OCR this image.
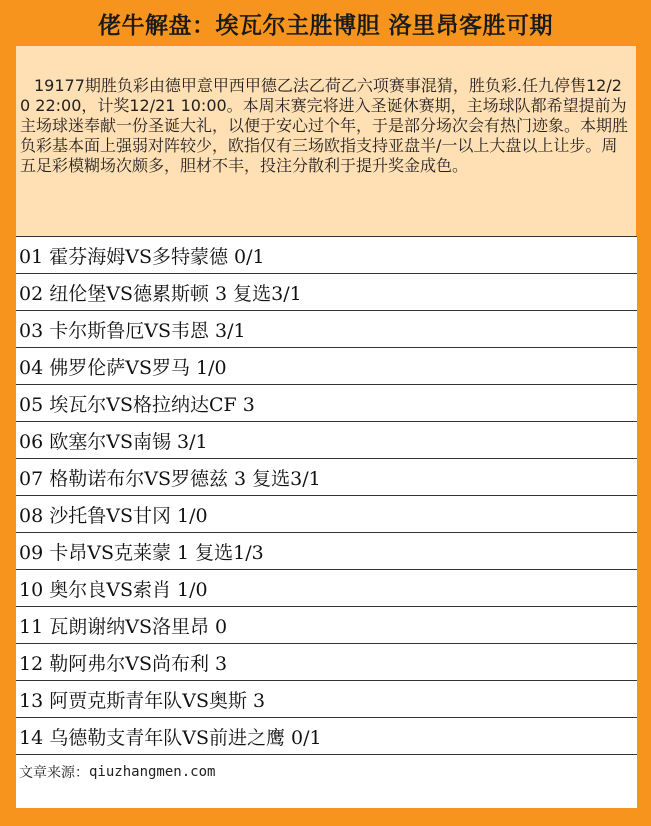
佬牛解盘：埃瓦尔主胜博胆 洛里昂客胜可期

19177期胜负彩由德甲意甲西甲德乙法乙荷乙六项赛事混猜，胜负彩.任九停售12/20 22:00，计奖12/21 10:00。本周末赛完将进入圣诞休赛期，主场球队都希望提前为主场球迷奉献一份圣诞大礼，以便于安心过个年，于是部分场次会有热门迹象。本期胜负彩基本面上强弱对阵较少，欧指仅有三场欧指支持亚盘半/一以上大盘以上让步。周五足彩模糊场次颇多，胆材不丰，投注分散利于提升奖金成色。

01 霍芬海姆VS多特蒙德 0/1
02 纽伦堡VS德累斯顿 3 复选3/1
03 卡尔斯鲁厄VS韦恩 3/1
04 佛罗伦萨VS罗马 1/0
05 埃瓦尔VS格拉纳达CF 3
06 欧塞尔VS南锡 3/1
07 格勒诺布尔VS罗德兹 3 复选3/1
08 沙托鲁VS甘冈 1/0
09 卡昂VS克莱蒙 1 复选1/3
10 奥尔良VS索肖 1/0
11 瓦朗谢纳VS洛里昂 0
12 勒阿弗尔VS尚布利 3
13 阿贾克斯青年队VS奥斯 3
14 乌德勒支青年队VS前进之鹰 0/1
文章来源： qiuzhangmen.com
